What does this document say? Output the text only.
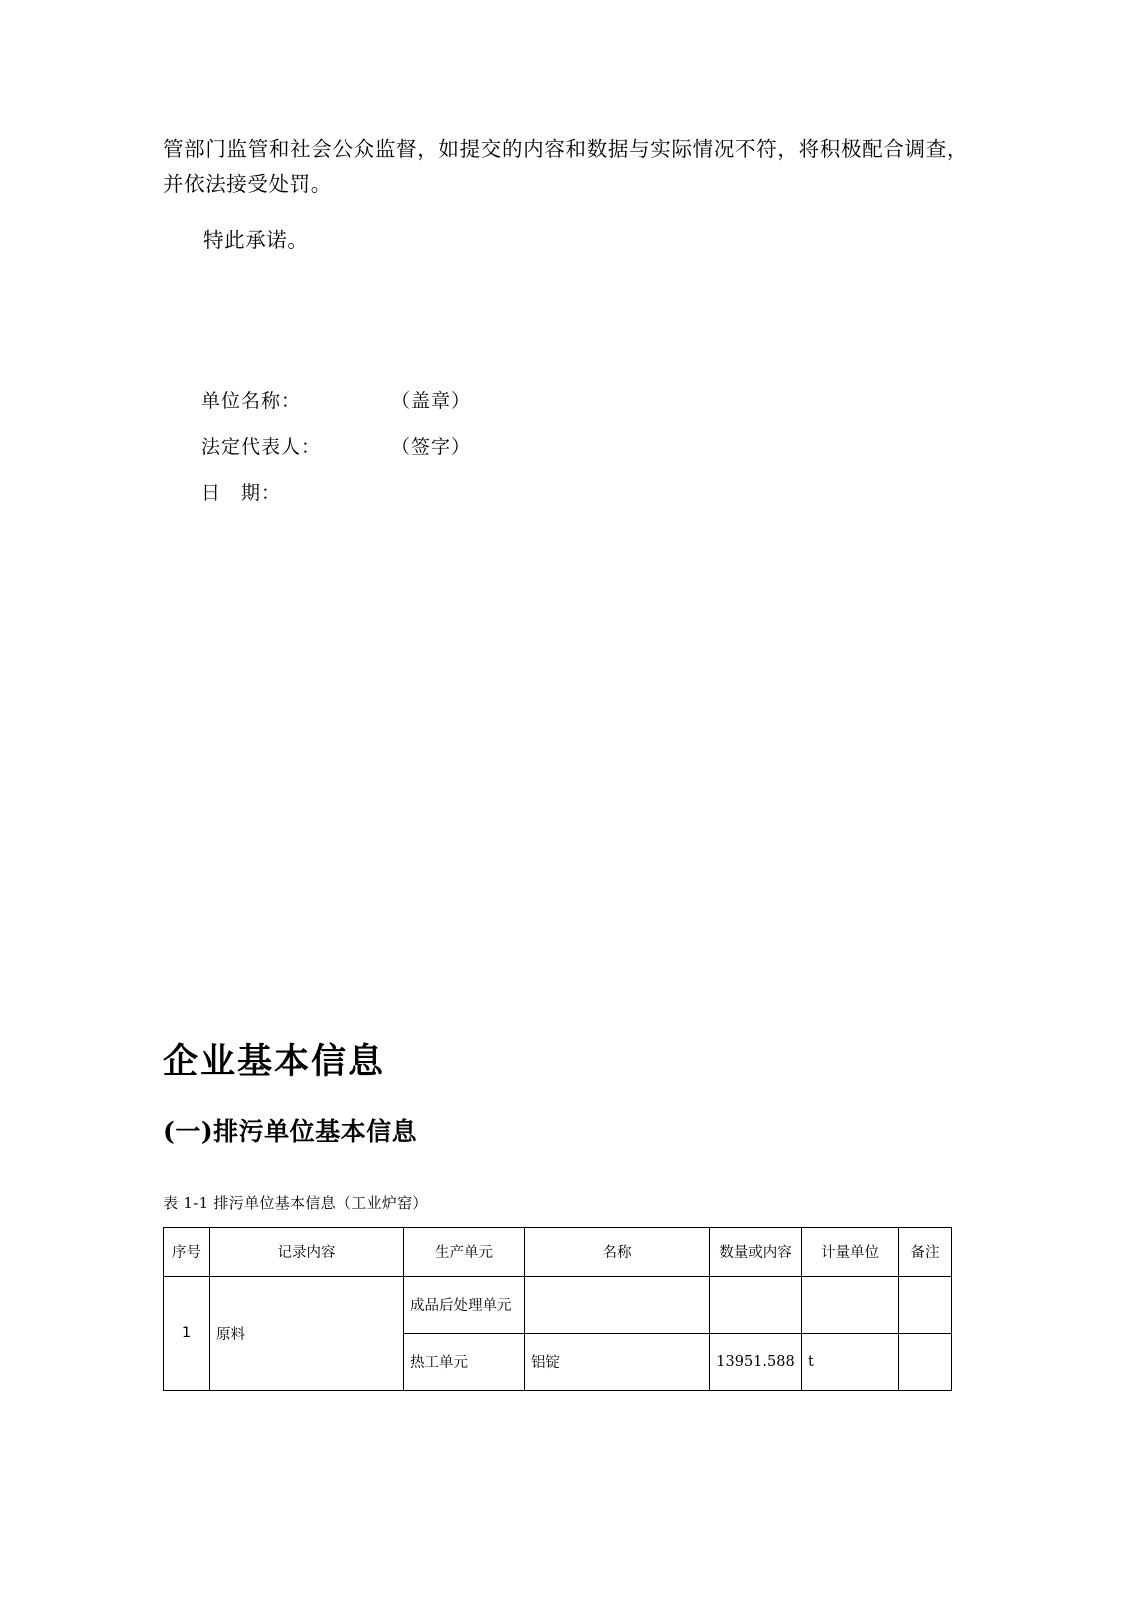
管部门监管和社会公众监督，如提交的内容和数据与实际情况不符，将积极配合调查，并依法接受处罚。

特此承诺。

单位名称：	（盖章）
法定代表人：	（签字）
日　期：
企业基本信息
(一)排污单位基本信息
表 1-1 排污单位基本信息（工业炉窑）
序号	记录内容	生产单元	名称	数量或内容	计量单位	备注
1	原料	成品后处理单元				
		热工单元	铝锭	13951.588	t	
